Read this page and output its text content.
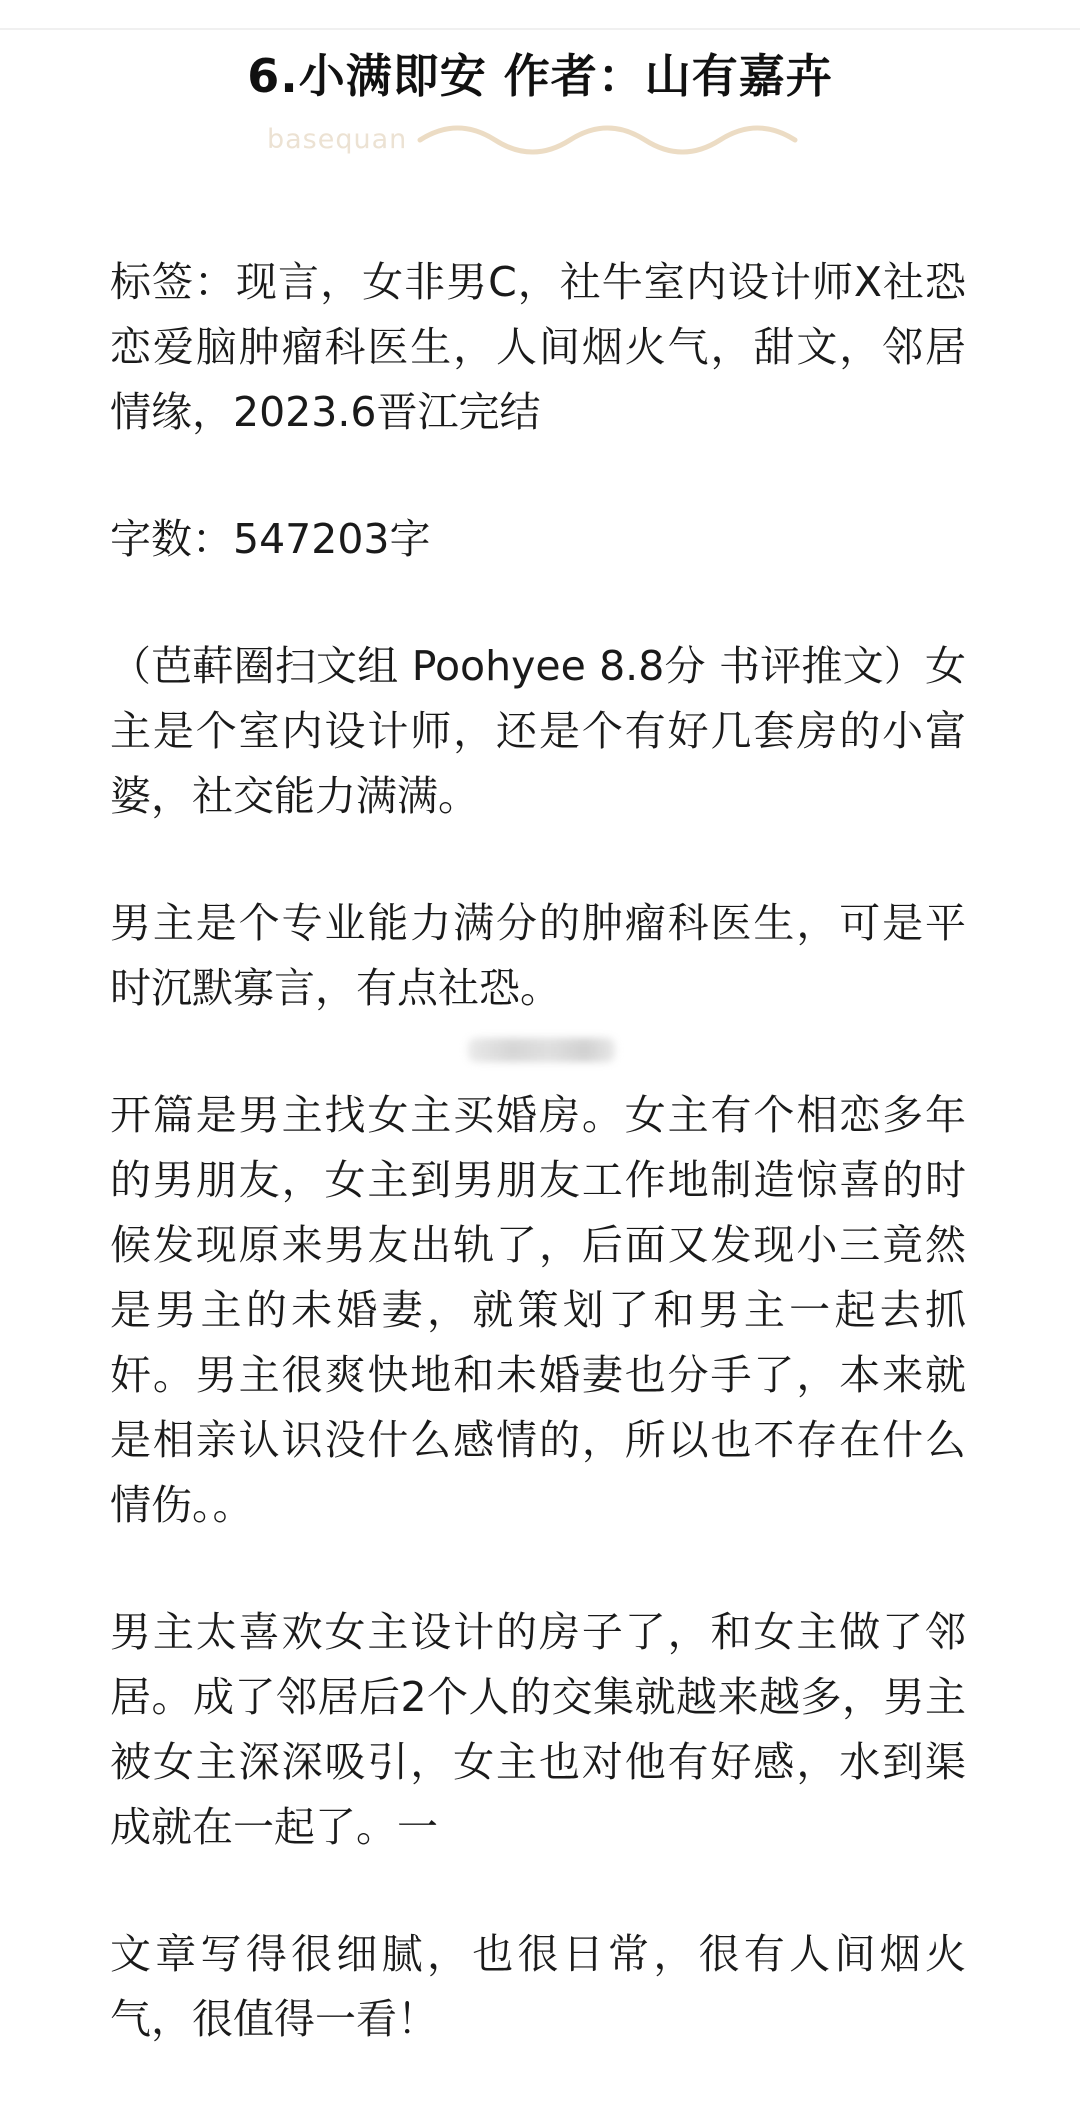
6.小满即安 作者：山有嘉卉
basequan
标签：现言，女非男C，社牛室内设计师X社恐
恋爱脑肿瘤科医生，人间烟火气，甜文，邻居
情缘，2023.6晋江完结
字数：547203字
（芭蓒圈扫文组 Poohyee 8.8分 书评推文）女
主是个室内设计师，还是个有好几套房的小富
婆，社交能力满满。
男主是个专业能力满分的肿瘤科医生，可是平
时沉默寡言，有点社恐。
开篇是男主找女主买婚房。女主有个相恋多年
的男朋友，女主到男朋友工作地制造惊喜的时
候发现原来男友出轨了，后面又发现小三竟然
是男主的未婚妻，就策划了和男主一起去抓
奸。男主很爽快地和未婚妻也分手了，本来就
是相亲认识没什么感情的，所以也不存在什么
情伤。。
男主太喜欢女主设计的房子了，和女主做了邻
居。成了邻居后2个人的交集就越来越多，男主
被女主深深吸引，女主也对他有好感，水到渠
成就在一起了。一
文章写得很细腻，也很日常，很有人间烟火
气，很值得一看！
